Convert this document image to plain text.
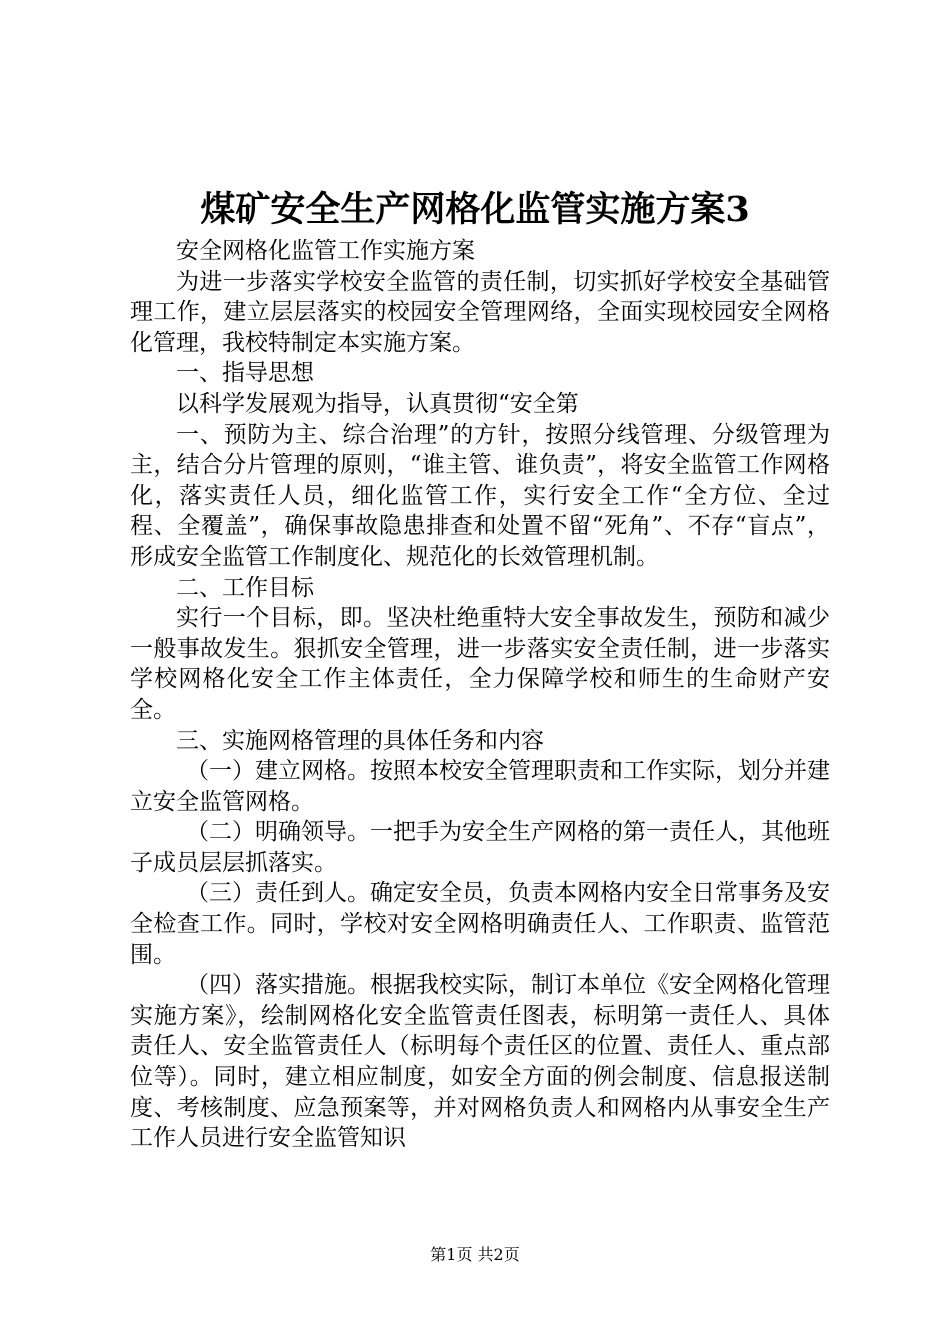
煤矿安全生产网格化监管实施方案3

安全网格化监管工作实施方案

为进一步落实学校安全监管的责任制，切实抓好学校安全基础管理工作，建立层层落实的校园安全管理网络，全面实现校园安全网格化管理，我校特制定本实施方案。

一、指导思想

以科学发展观为指导，认真贯彻“安全第

一、预防为主、综合治理”的方针，按照分线管理、分级管理为主，结合分片管理的原则，“谁主管、谁负责”，将安全监管工作网格化，落实责任人员，细化监管工作，实行安全工作“全方位、全过程、全覆盖”，确保事故隐患排查和处置不留“死角”、不存“盲点”，形成安全监管工作制度化、规范化的长效管理机制。

二、工作目标

实行一个目标，即。坚决杜绝重特大安全事故发生，预防和减少一般事故发生。狠抓安全管理，进一步落实安全责任制，进一步落实学校网格化安全工作主体责任，全力保障学校和师生的生命财产安全。

三、实施网格管理的具体任务和内容

（一）建立网格。按照本校安全管理职责和工作实际，划分并建立安全监管网格。

（二）明确领导。一把手为安全生产网格的第一责任人，其他班子成员层层抓落实。

（三）责任到人。确定安全员，负责本网格内安全日常事务及安全检查工作。同时，学校对安全网格明确责任人、工作职责、监管范围。

（四）落实措施。根据我校实际，制订本单位《安全网格化管理实施方案》，绘制网格化安全监管责任图表，标明第一责任人、具体责任人、安全监管责任人（标明每个责任区的位置、责任人、重点部位等）。同时，建立相应制度，如安全方面的例会制度、信息报送制度、考核制度、应急预案等，并对网格负责人和网格内从事安全生产工作人员进行安全监管知识

第1页 共2页
